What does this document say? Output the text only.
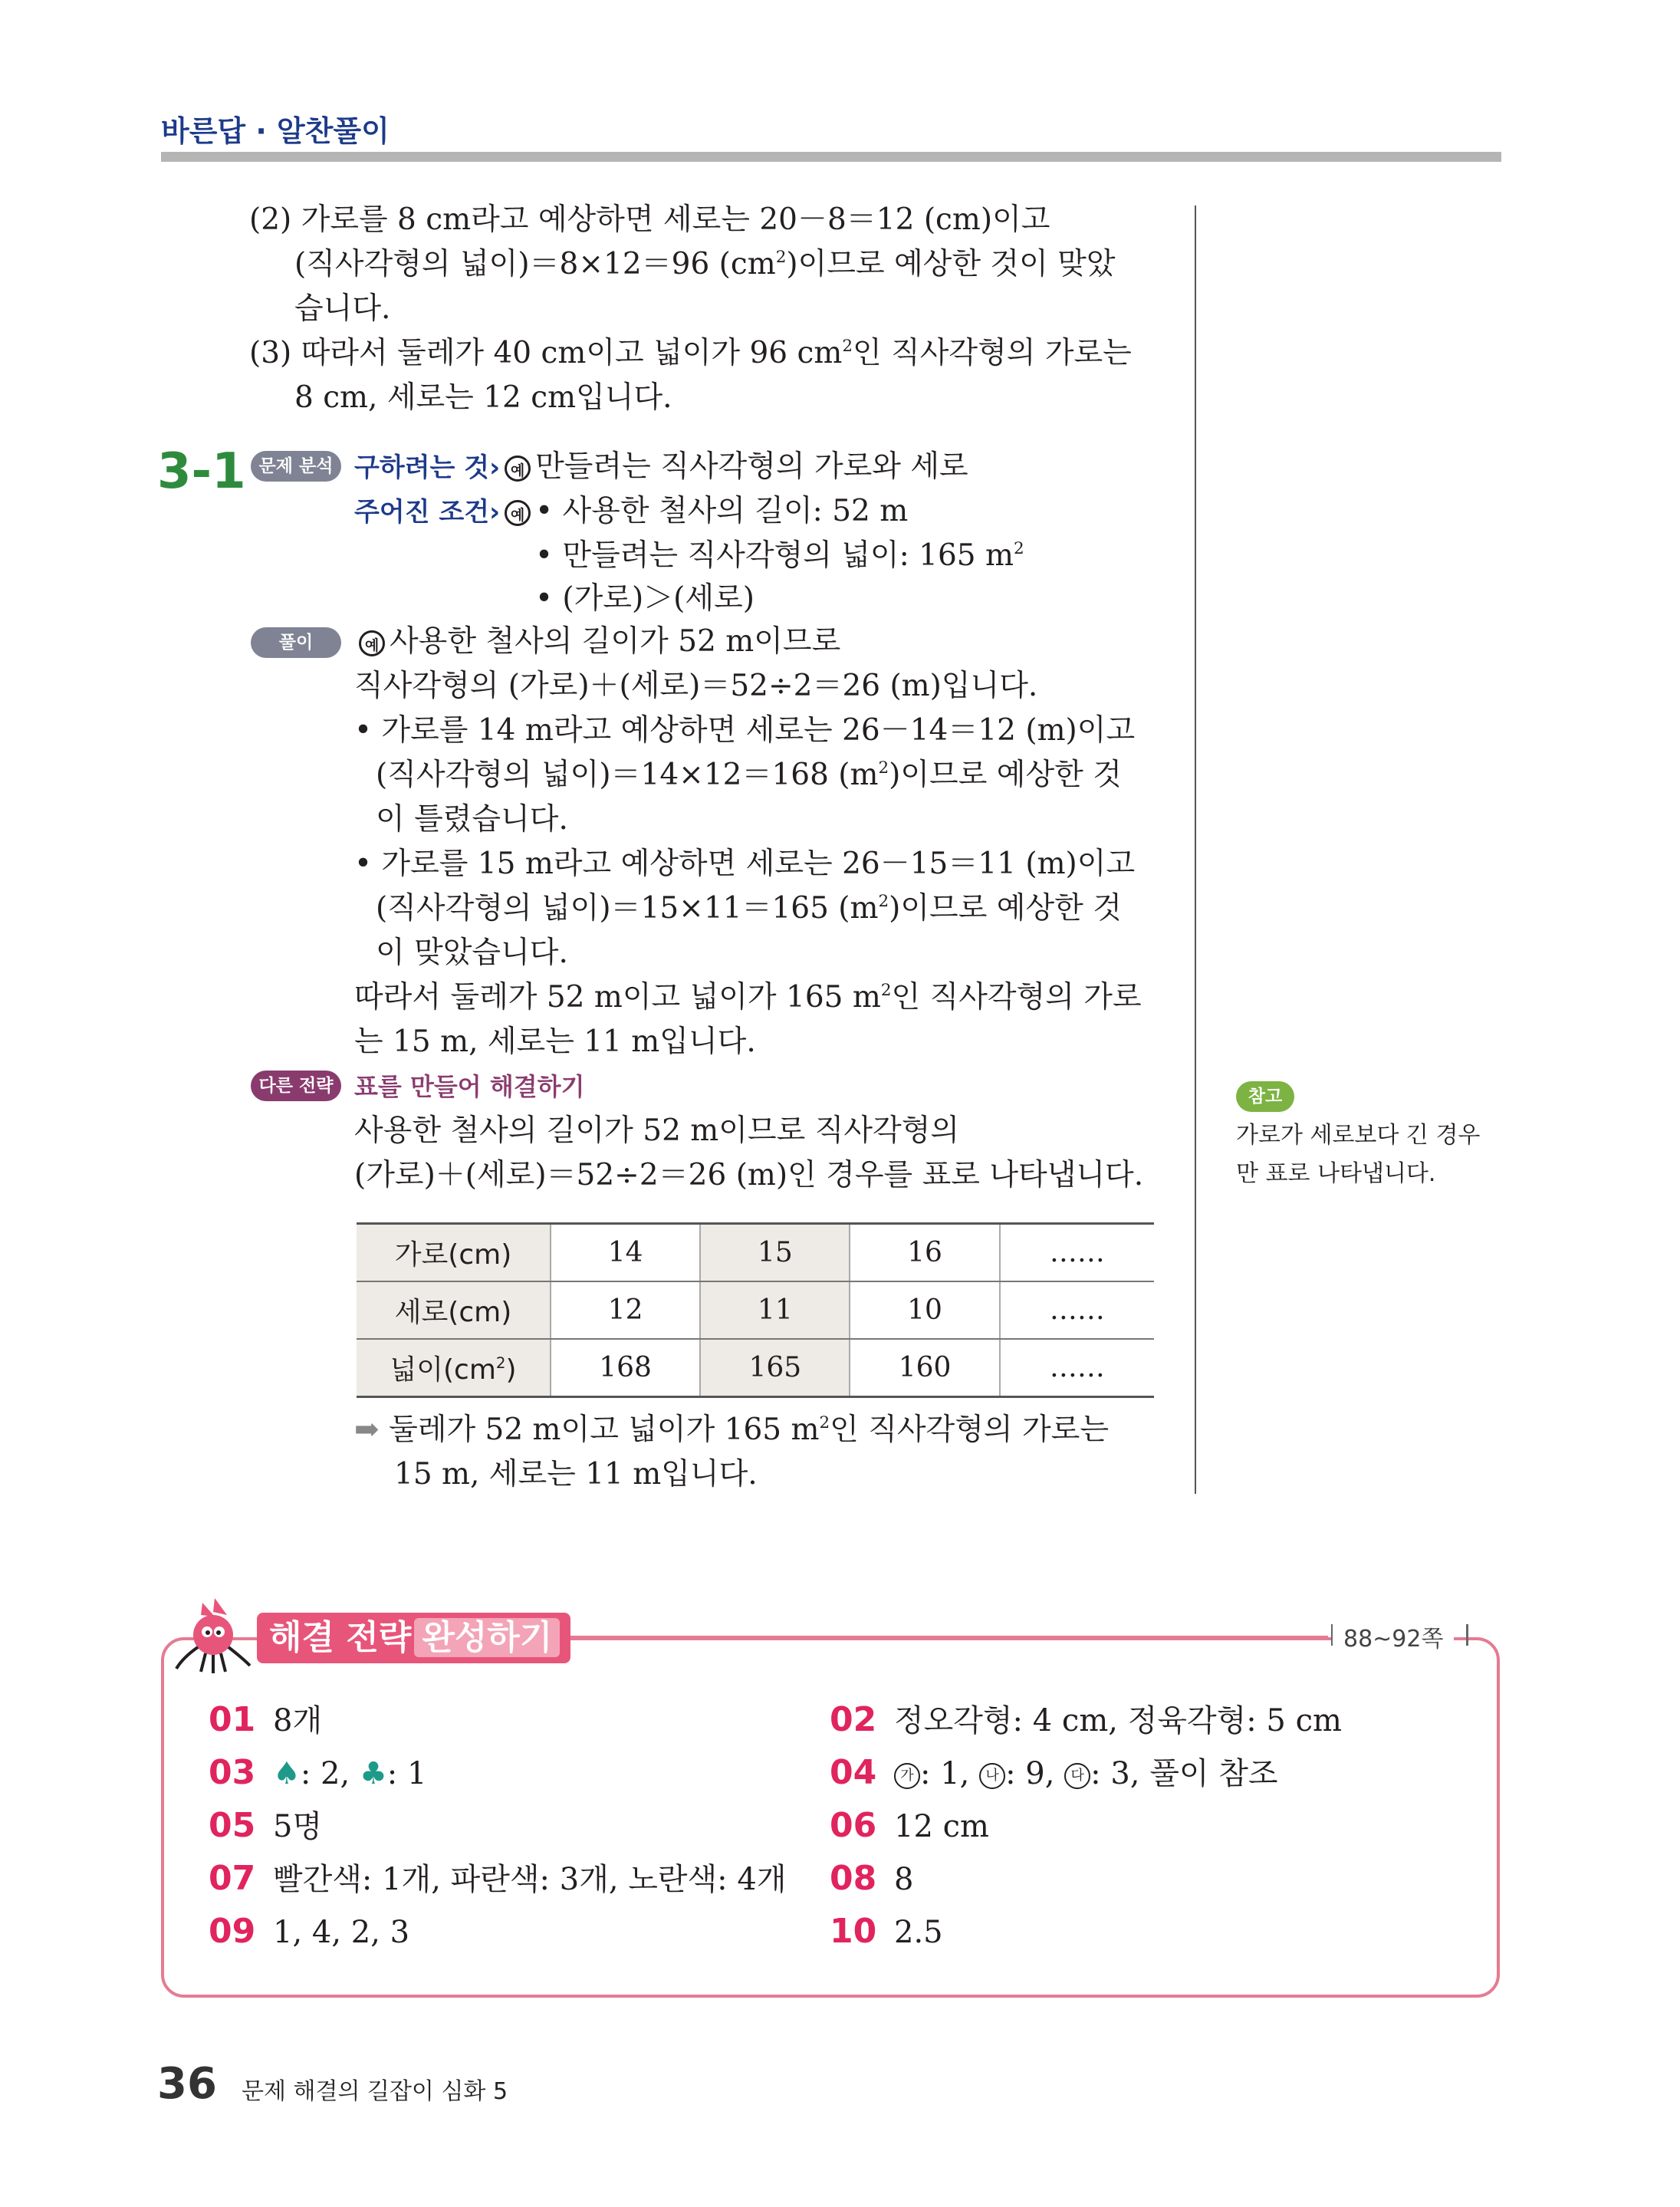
바른답 · 알찬풀이
(2) 가로를 8 cm라고 예상하면 세로는 20－8＝12 (cm)이고
(직사각형의 넓이)＝8×12＝96 $(cm^2)$이므로 예상한 것이 맞았
습니다.
(3) 따라서 둘레가 40 cm이고 넓이가 96 $cm^2$인 직사각형의 가로는
8 cm, 세로는 12 cm입니다.
3-1 문제 분석 구하려는 것› 예 만들려는 직사각형의 가로와 세로
주어진 조건› 예 • 사용한 철사의 길이: 52 m
• 만들려는 직사각형의 넓이: 165 $m^2$
• (가로)＞(세로)
풀이	예 사용한 철사의 길이가 52 m이므로
직사각형의 (가로)＋(세로)＝52÷2＝26 (m)입니다.
• 가로를 14 m라고 예상하면 세로는 26－14＝12 (m)이고
(직사각형의 넓이)＝14×12＝168 $(m^2)$이므로 예상한 것
이 틀렸습니다.
• 가로를 15 m라고 예상하면 세로는 26－15＝11 (m)이고
(직사각형의 넓이)＝15×11＝165 $(m^2)$이므로 예상한 것
이 맞았습니다.
따라서 둘레가 52 m이고 넓이가 165 $m^2$인 직사각형의 가로
는 15 m, 세로는 11 m입니다.
다른 전략 표를 만들어 해결하기
사용한 철사의 길이가 52 m이므로 직사각형의
(가로)＋(세로)＝52÷2＝26 (m)인 경우를 표로 나타냅니다.
가로(cm)	14	15	16	……
세로(cm)	12	11	10	……
넓이$(cm^2)$	168	165	160	……
➡ 둘레가 52 m이고 넓이가 165 $m^2$인 직사각형의 가로는
15 m, 세로는 11 m입니다.
참고
가로가 세로보다 긴 경우
만 표로 나타냅니다.
해결 전략 완성하기	88~92쪽
01 8개
03 ♠: 2, ♣: 1
05 5명
07 빨간색: 1개, 파란색: 3개, 노란색: 4개
09 1, 4, 2, 3
02 정오각형: 4 cm, 정육각형: 5 cm
04 가 : 1, 나 : 9, 다 : 3, 풀이 참조
06 12 cm
08 8
10 2.5
36 문제 해결의 길잡이 심화 5
